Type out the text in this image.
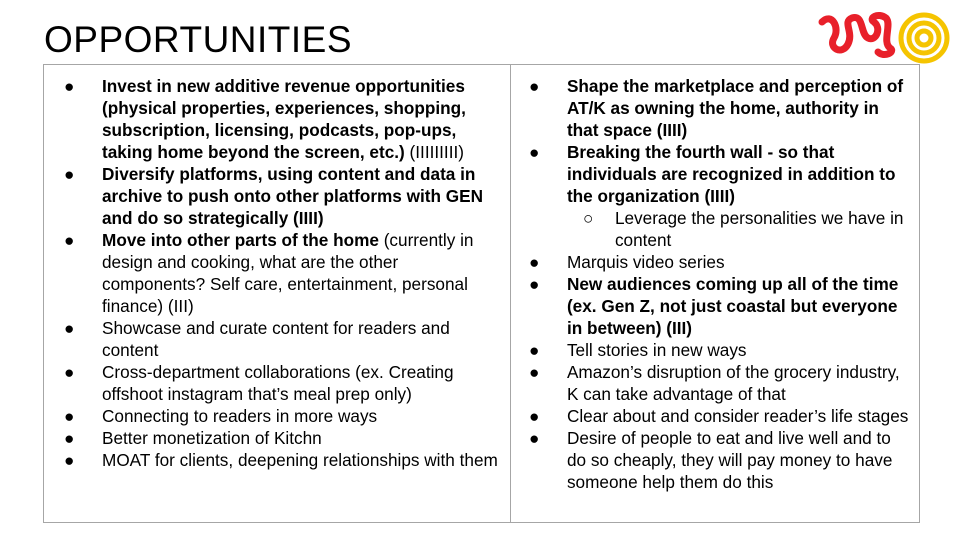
OPPORTUNITIES
●	Invest in new additive revenue opportunities (physical properties, experiences, shopping, subscription, licensing, podcasts, pop-ups, taking home beyond the screen, etc.) (IIIIIIIII)
●	Diversify platforms, using content and data in archive to push onto other platforms with GEN and do so strategically (IIII)
●	Move into other parts of the home (currently in design and cooking, what are the other components? Self care, entertainment, personal finance) (III)
●	Showcase and curate content for readers and content
●	Cross-department collaborations (ex. Creating offshoot instagram that’s meal prep only)
●	Connecting to readers in more ways
●	Better monetization of Kitchn
●	MOAT for clients, deepening relationships with them
●	Shape the marketplace and perception of AT/K as owning the home, authority in that space (IIII)
●	Breaking the fourth wall - so that individuals are recognized in addition to the organization (IIII)
○ Leverage the personalities we have in content
●	Marquis video series
●	New audiences coming up all of the time (ex. Gen Z, not just coastal but everyone in between) (III)
●	Tell stories in new ways
●	Amazon’s disruption of the grocery industry, K can take advantage of that
●	Clear about and consider reader’s life stages
●	Desire of people to eat and live well and to do so cheaply, they will pay money to have someone help them do this
